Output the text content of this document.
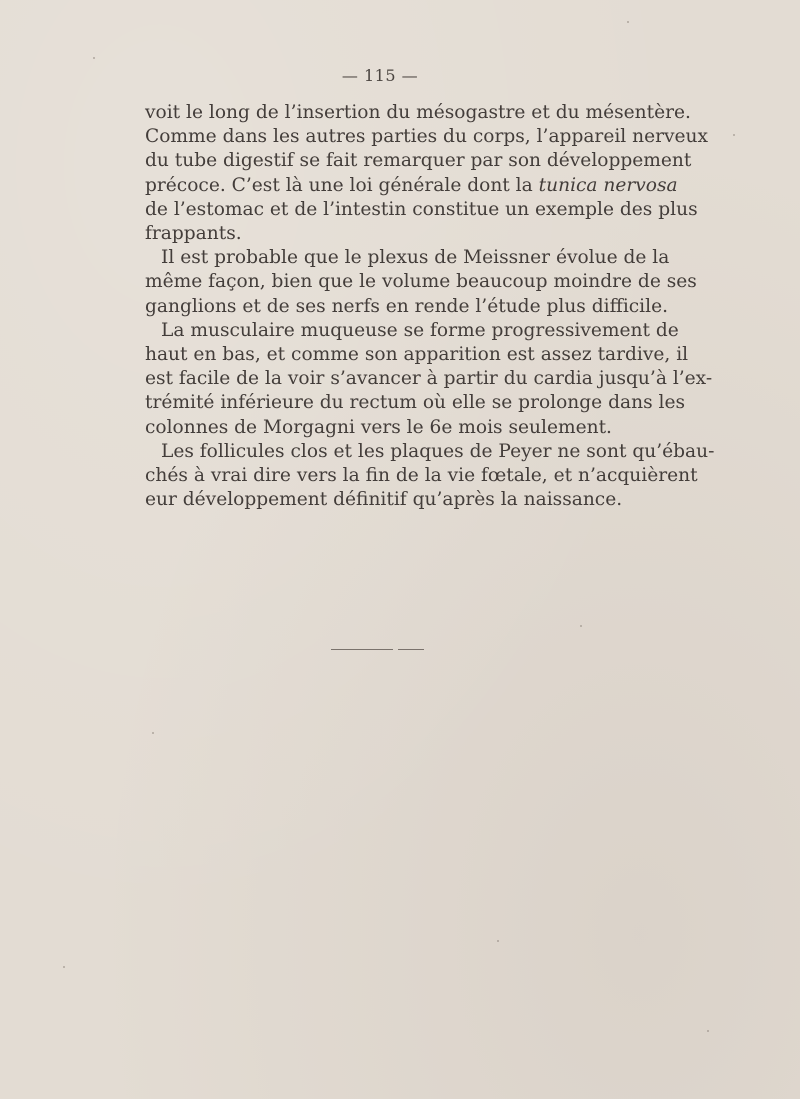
— 115 —
voit le long de l’insertion du mésogastre et du mésentère.
Comme dans les autres parties du corps, l’appareil nerveux
du tube digestif se fait remarquer par son développement
précoce. C’est là une loi générale dont la tunica nervosa
de l’estomac et de l’intestin constitue un exemple des plus
frappants.
Il est probable que le plexus de Meissner évolue de la
même façon, bien que le volume beaucoup moindre de ses
ganglions et de ses nerfs en rende l’étude plus difficile.
La musculaire muqueuse se forme progressivement de
haut en bas, et comme son apparition est assez tardive, il
est facile de la voir s’avancer à partir du cardia jusqu’à l’ex-
trémité inférieure du rectum où elle se prolonge dans les
colonnes de Morgagni vers le 6e mois seulement.
Les follicules clos et les plaques de Peyer ne sont qu’ébau-
chés à vrai dire vers la fin de la vie fœtale, et n’acquièrent
eur développement définitif qu’après la naissance.
